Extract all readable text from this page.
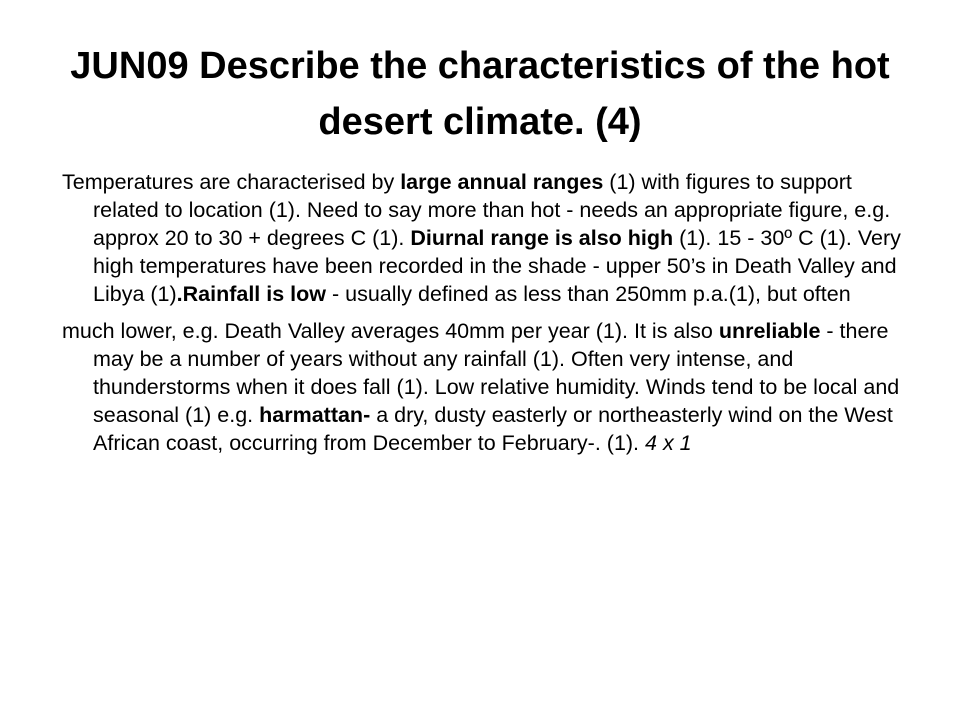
JUN09 Describe the characteristics of the hot desert climate. (4)

Temperatures are characterised by large annual ranges (1) with figures to support related to location (1). Need to say more than hot - needs an appropriate figure, e.g. approx 20 to 30 + degrees C (1). Diurnal range is also high (1). 15 - 30º C (1). Very high temperatures have been recorded in the shade - upper 50’s in Death Valley and Libya (1).Rainfall is low - usually defined as less than 250mm p.a.(1), but often

much lower, e.g. Death Valley averages 40mm per year (1). It is also unreliable - there may be a number of years without any rainfall (1). Often very intense, and thunderstorms when it does fall (1). Low relative humidity. Winds tend to be local and seasonal (1) e.g. harmattan- a dry, dusty easterly or northeasterly wind on the West African coast, occurring from December to February-. (1). 4 x 1
